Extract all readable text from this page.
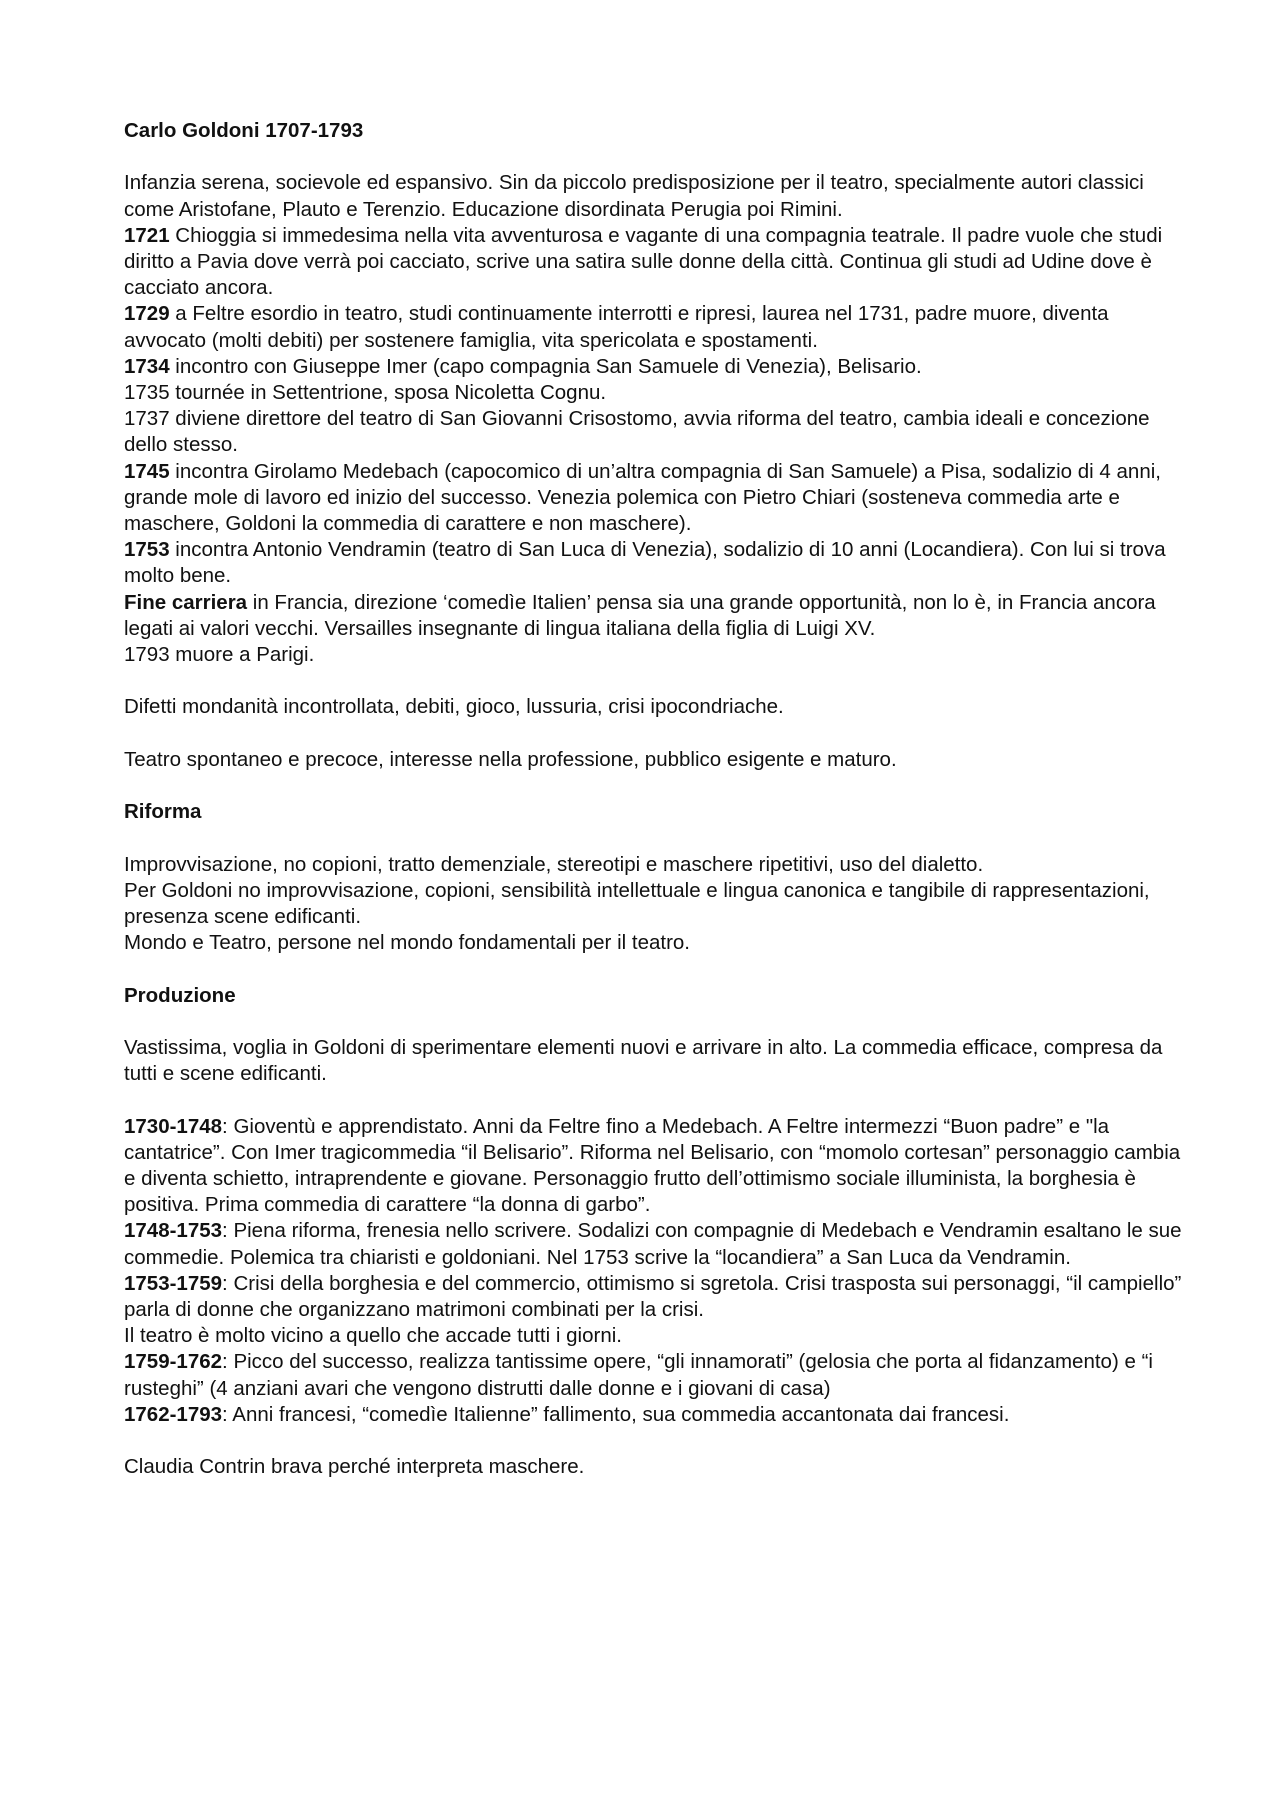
Carlo Goldoni 1707-1793

Infanzia serena, socievole ed espansivo. Sin da piccolo predisposizione per il teatro, specialmente autori classici come Aristofane, Plauto e Terenzio. Educazione disordinata Perugia poi Rimini.

1721 Chioggia si immedesima nella vita avventurosa e vagante di una compagnia teatrale. Il padre vuole che studi diritto a Pavia dove verrà poi cacciato, scrive una satira sulle donne della città. Continua gli studi ad Udine dove è cacciato ancora.

1729 a Feltre esordio in teatro, studi continuamente interrotti e ripresi, laurea nel 1731, padre muore, diventa avvocato (molti debiti) per sostenere famiglia, vita spericolata e spostamenti.

1734 incontro con Giuseppe Imer (capo compagnia San Samuele di Venezia), Belisario.

1735 tournée in Settentrione, sposa Nicoletta Cognu.

1737 diviene direttore del teatro di San Giovanni Crisostomo, avvia riforma del teatro, cambia ideali e concezione dello stesso.

1745 incontra Girolamo Medebach (capocomico di un’altra compagnia di San Samuele) a Pisa, sodalizio di 4 anni, grande mole di lavoro ed inizio del successo. Venezia polemica con Pietro Chiari (sosteneva commedia arte e maschere, Goldoni la commedia di carattere e non maschere).

1753 incontra Antonio Vendramin (teatro di San Luca di Venezia), sodalizio di 10 anni (Locandiera). Con lui si trova molto bene.

Fine carriera in Francia, direzione ‘comedìe Italien’ pensa sia una grande opportunità, non lo è, in Francia ancora legati ai valori vecchi. Versailles insegnante di lingua italiana della figlia di Luigi XV.

1793 muore a Parigi.

Difetti mondanità incontrollata, debiti, gioco, lussuria, crisi ipocondriache.

Teatro spontaneo e precoce, interesse nella professione, pubblico esigente e maturo.

Riforma

Improvvisazione, no copioni, tratto demenziale, stereotipi e maschere ripetitivi, uso del dialetto.

Per Goldoni no improvvisazione, copioni, sensibilità intellettuale e lingua canonica e tangibile di rappresentazioni, presenza scene edificanti.

Mondo e Teatro, persone nel mondo fondamentali per il teatro.

Produzione

Vastissima, voglia in Goldoni di sperimentare elementi nuovi e arrivare in alto. La commedia efficace, compresa da tutti e scene edificanti.

1730-1748: Gioventù e apprendistato. Anni da Feltre fino a Medebach. A Feltre intermezzi “Buon padre” e "la cantatrice”. Con Imer tragicommedia “il Belisario”. Riforma nel Belisario, con “momolo cortesan” personaggio cambia e diventa schietto, intraprendente e giovane. Personaggio frutto dell’ottimismo sociale illuminista, la borghesia è positiva. Prima commedia di carattere “la donna di garbo”.

1748-1753: Piena riforma, frenesia nello scrivere. Sodalizi con compagnie di Medebach e Vendramin esaltano le sue commedie. Polemica tra chiaristi e goldoniani. Nel 1753 scrive la “locandiera” a San Luca da Vendramin.

1753-1759: Crisi della borghesia e del commercio, ottimismo si sgretola. Crisi trasposta sui personaggi, “il campiello” parla di donne che organizzano matrimoni combinati per la crisi.

Il teatro è molto vicino a quello che accade tutti i giorni.

1759-1762: Picco del successo, realizza tantissime opere, “gli innamorati” (gelosia che porta al fidanzamento) e “i rusteghi” (4 anziani avari che vengono distrutti dalle donne e i giovani di casa)

1762-1793: Anni francesi, “comedìe Italienne” fallimento, sua commedia accantonata dai francesi.

Claudia Contrin brava perché interpreta maschere.
